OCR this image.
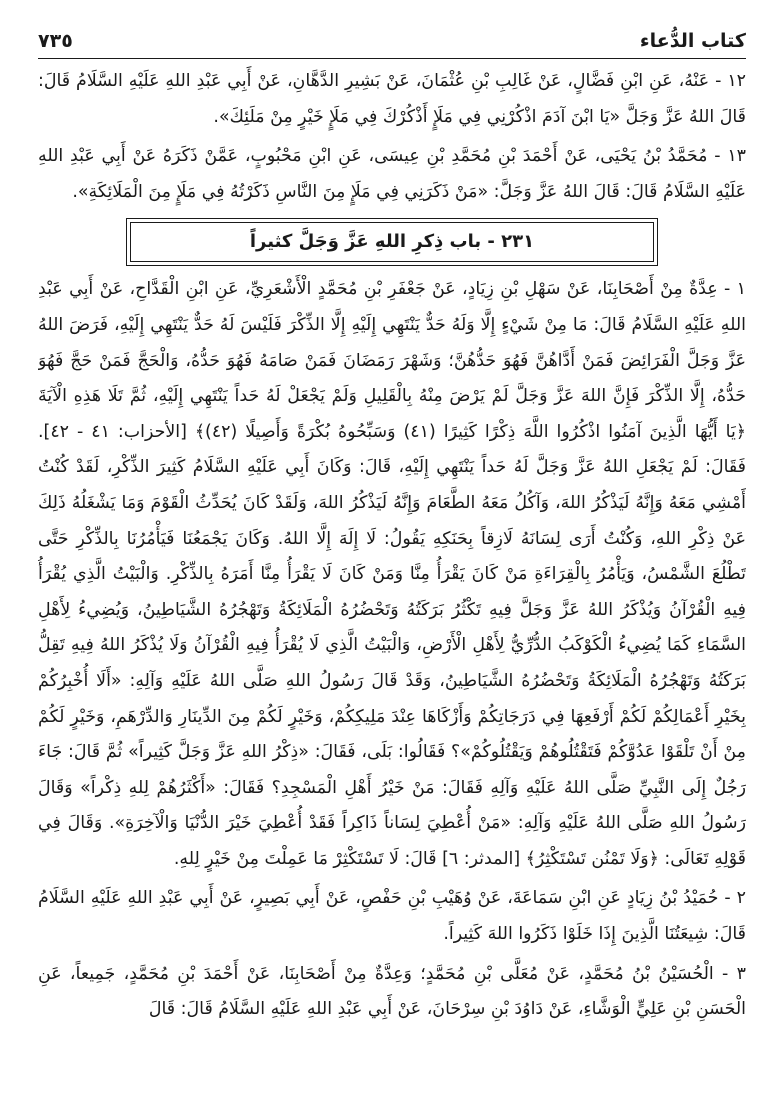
كتاب الدُّعاء
٧٣٥

١٢ - عَنْهُ، عَنِ ابْنِ فَضَّالٍ، عَنْ غَالِبِ بْنِ عُثْمَانَ، عَنْ بَشِيرِ الدَّهَّانِ، عَنْ أَبِي عَبْدِ اللهِ عَلَيْهِ السَّلَامُ قَالَ: قَالَ اللهُ عَزَّ وَجَلَّ «يَا ابْنَ آدَمَ اذْكُرْنِي فِي مَلَإٍ أَذْكُرْكَ فِي مَلَإٍ خَيْرٍ مِنْ مَلَئِكَ».

١٣ - مُحَمَّدُ بْنُ يَحْيَى، عَنْ أَحْمَدَ بْنِ مُحَمَّدِ بْنِ عِيسَى، عَنِ ابْنِ مَحْبُوبٍ، عَمَّنْ ذَكَرَهُ عَنْ أَبِي عَبْدِ اللهِ عَلَيْهِ السَّلَامُ قَالَ: قَالَ اللهُ عَزَّ وَجَلَّ: «مَنْ ذَكَرَنِي فِي مَلَإٍ مِنَ النَّاسِ ذَكَرْتُهُ فِي مَلَإٍ مِنَ الْمَلَائِكَةِ».

٢٣١ - باب ذِكرِ اللهِ عَزَّ وَجَلَّ كثيراً

١ - عِدَّةٌ مِنْ أَصْحَابِنَا، عَنْ سَهْلِ بْنِ زِيَادٍ، عَنْ جَعْفَرِ بْنِ مُحَمَّدٍ الْأَشْعَرِيِّ، عَنِ ابْنِ الْقَدَّاحِ، عَنْ أَبِي عَبْدِ اللهِ عَلَيْهِ السَّلَامُ قَالَ: مَا مِنْ شَيْءٍ إِلَّا وَلَهُ حَدٌّ يَنْتَهِي إِلَيْهِ إِلَّا الذِّكْرَ فَلَيْسَ لَهُ حَدٌّ يَنْتَهِي إِلَيْهِ، فَرَضَ اللهُ عَزَّ وَجَلَّ الْفَرَائِضَ فَمَنْ أَدَّاهُنَّ فَهُوَ حَدُّهُنَّ؛ وَشَهْرَ رَمَضَانَ فَمَنْ صَامَهُ فَهُوَ حَدُّهُ، وَالْحَجَّ فَمَنْ حَجَّ فَهُوَ حَدُّهُ، إِلَّا الذِّكْرَ فَإِنَّ اللهَ عَزَّ وَجَلَّ لَمْ يَرْضَ مِنْهُ بِالْقَلِيلِ وَلَمْ يَجْعَلْ لَهُ حَداً يَنْتَهِي إِلَيْهِ، ثُمَّ تَلَا هَذِهِ الْآيَةَ ﴿يَا أَيُّهَا الَّذِينَ آمَنُوا اذْكُرُوا اللَّهَ ذِكْرًا كَثِيرًا (٤١) وَسَبِّحُوهُ بُكْرَةً وَأَصِيلًا (٤٢)﴾ [الأحزاب: ٤١ - ٤٢]. فَقَالَ: لَمْ يَجْعَلِ اللهُ عَزَّ وَجَلَّ لَهُ حَداً يَنْتَهِي إِلَيْهِ، قَالَ: وَكَانَ أَبِي عَلَيْهِ السَّلَامُ كَثِيرَ الذِّكْرِ، لَقَدْ كُنْتُ أَمْشِي مَعَهُ وَإِنَّهُ لَيَذْكُرُ اللهَ، وَآكُلُ مَعَهُ الطَّعَامَ وَإِنَّهُ لَيَذْكُرُ اللهَ، وَلَقَدْ كَانَ يُحَدِّثُ الْقَوْمَ وَمَا يَشْغَلُهُ ذَلِكَ عَنْ ذِكْرِ اللهِ، وَكُنْتُ أَرَى لِسَانَهُ لَازِقاً بِحَنَكِهِ يَقُولُ: لَا إِلَهَ إِلَّا اللهُ. وَكَانَ يَجْمَعُنَا فَيَأْمُرُنَا بِالذِّكْرِ حَتَّى تَطْلُعَ الشَّمْسُ، وَيَأْمُرُ بِالْقِرَاءَةِ مَنْ كَانَ يَقْرَأُ مِنَّا وَمَنْ كَانَ لَا يَقْرَأُ مِنَّا أَمَرَهُ بِالذِّكْرِ. وَالْبَيْتُ الَّذِي يُقْرَأُ فِيهِ الْقُرْآنُ وَيُذْكَرُ اللهُ عَزَّ وَجَلَّ فِيهِ تَكْثُرُ بَرَكَتُهُ وَتَحْضُرُهُ الْمَلَائِكَةُ وَتَهْجُرُهُ الشَّيَاطِينُ، وَيُضِيءُ لِأَهْلِ السَّمَاءِ كَمَا يُضِيءُ الْكَوْكَبُ الدُّرِّيُّ لِأَهْلِ الْأَرْضِ، وَالْبَيْتُ الَّذِي لَا يُقْرَأُ فِيهِ الْقُرْآنُ وَلَا يُذْكَرُ اللهُ فِيهِ تَقِلُّ بَرَكَتُهُ وَتَهْجُرُهُ الْمَلَائِكَةُ وَتَحْضُرُهُ الشَّيَاطِينُ، وَقَدْ قَالَ رَسُولُ اللهِ صَلَّى اللهُ عَلَيْهِ وَآلِهِ: «أَلَا أُخْبِرُكُمْ بِخَيْرِ أَعْمَالِكُمْ لَكُمْ أَرْفَعِهَا فِي دَرَجَاتِكُمْ وَأَزْكَاهَا عِنْدَ مَلِيكِكُمْ، وَخَيْرٍ لَكُمْ مِنَ الدِّينَارِ وَالدِّرْهَمِ، وَخَيْرٍ لَكُمْ مِنْ أَنْ تَلْقَوْا عَدُوَّكُمْ فَتَقْتُلُوهُمْ وَيَقْتُلُوكُمْ»؟ فَقَالُوا: بَلَى، فَقَالَ: «ذِكْرُ اللهِ عَزَّ وَجَلَّ كَثِيراً» ثُمَّ قَالَ: جَاءَ رَجُلٌ إِلَى النَّبِيِّ صَلَّى اللهُ عَلَيْهِ وَآلِهِ فَقَالَ: مَنْ خَيْرُ أَهْلِ الْمَسْجِدِ؟ فَقَالَ: «أَكْثَرُهُمْ لِلهِ ذِكْراً» وَقَالَ رَسُولُ اللهِ صَلَّى اللهُ عَلَيْهِ وَآلِهِ: «مَنْ أُعْطِيَ لِسَاناً ذَاكِراً فَقَدْ أُعْطِيَ خَيْرَ الدُّنْيَا وَالْآخِرَةِ». وَقَالَ فِي قَوْلِهِ تَعَالَى: ﴿وَلَا تَمْنُن تَسْتَكْثِرُ﴾ [المدثر: ٦] قَالَ: لَا تَسْتَكْثِرْ مَا عَمِلْتَ مِنْ خَيْرٍ لِلهِ.

٢ - حُمَيْدُ بْنُ زِيَادٍ عَنِ ابْنِ سَمَاعَةَ، عَنْ وُهَيْبِ بْنِ حَفْصٍ، عَنْ أَبِي بَصِيرٍ، عَنْ أَبِي عَبْدِ اللهِ عَلَيْهِ السَّلَامُ قَالَ: شِيعَتُنَا الَّذِينَ إِذَا خَلَوْا ذَكَرُوا اللهَ كَثِيراً.

٣ - الْحُسَيْنُ بْنُ مُحَمَّدٍ، عَنْ مُعَلَّى بْنِ مُحَمَّدٍ؛ وَعِدَّةٌ مِنْ أَصْحَابِنَا، عَنْ أَحْمَدَ بْنِ مُحَمَّدٍ، جَمِيعاً، عَنِ الْحَسَنِ بْنِ عَلِيٍّ الْوَشَّاءِ، عَنْ دَاوُدَ بْنِ سِرْحَانَ، عَنْ أَبِي عَبْدِ اللهِ عَلَيْهِ السَّلَامُ قَالَ: قَالَ
